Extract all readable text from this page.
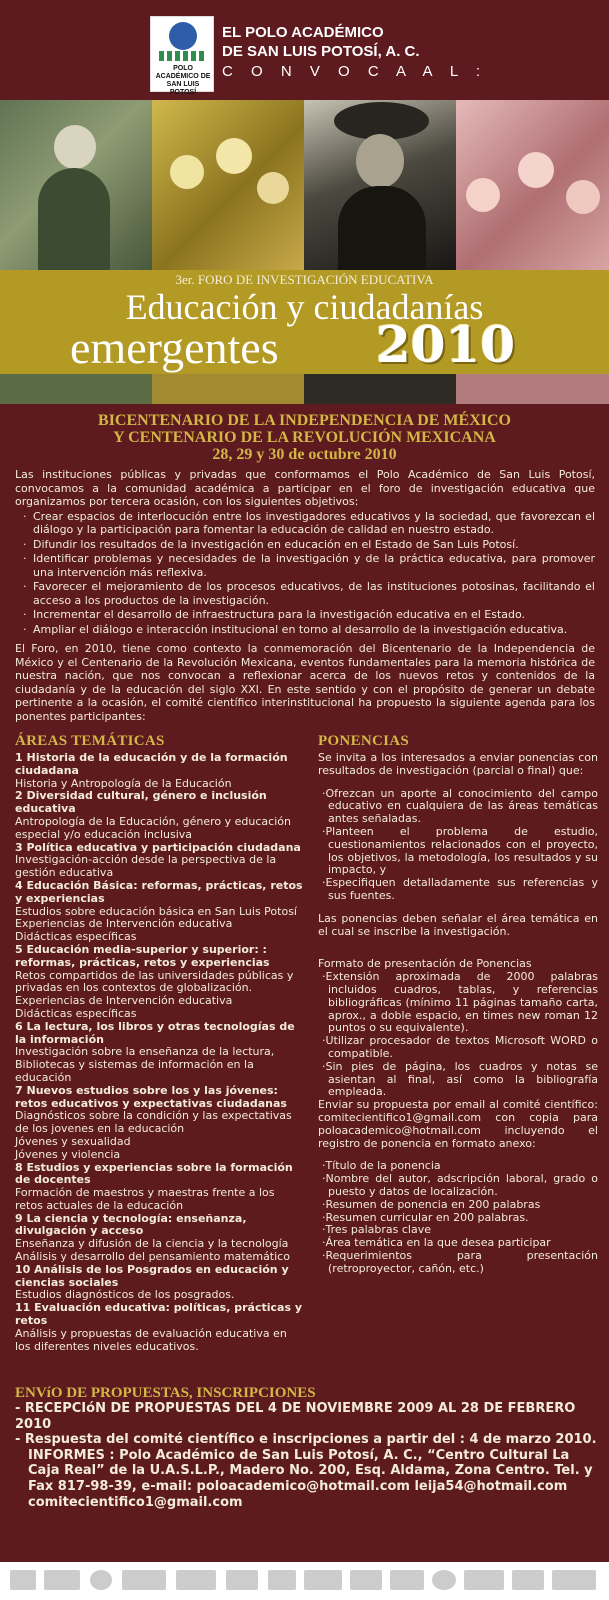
POLO ACADÉMICO DE SAN LUIS POTOSÍ
EL POLO ACADÉMICO
DE SAN LUIS POTOSÍ, A. C.
C O N V O C A A L :
3er. FORO DE INVESTIGACIÓN EDUCATIVA
Educación y ciudadanías
emergentes 2010
BICENTENARIO DE LA INDEPENDENCIA DE MÉXICO
Y CENTENARIO DE LA REVOLUCIÓN MEXICANA
28, 29 y 30 de octubre 2010

Las instituciones públicas y privadas que conformamos el Polo Académico de San Luis Potosí, convocamos a la comunidad académica a participar en el foro de investigación educativa que organizamos por tercera ocasión, con los siguientes objetivos:

· Crear espacios de interlocución entre los investigadores educativos y la sociedad, que favorezcan el diálogo y la participación para fomentar la educación de calidad en nuestro estado.
· Difundir los resultados de la investigación en educación en el Estado de San Luis Potosí.
· Identificar problemas y necesidades de la investigación y de la práctica educativa, para promover una intervención más reflexiva.
· Favorecer el mejoramiento de los procesos educativos, de las instituciones potosinas, facilitando el acceso a los productos de la investigación.
· Incrementar el desarrollo de infraestructura para la investigación educativa en el Estado.
· Ampliar el diálogo e interacción institucional en torno al desarrollo de la investigación educativa.

El Foro, en 2010, tiene como contexto la conmemoración del Bicentenario de la Independencia de México y el Centenario de la Revolución Mexicana, eventos fundamentales para la memoria histórica de nuestra nación, que nos convocan a reflexionar acerca de los nuevos retos y contenidos de la ciudadanía y de la educación del siglo XXI. En este sentido y con el propósito de generar un debate pertinente a la ocasión, el comité científico interinstitucional ha propuesto la siguiente agenda para los ponentes participantes:

ÁREAS TEMÁTICAS	PONENCIAS
1 Historia de la educación y de la formación ciudadana
Historia y Antropología de la Educación
2 Diversidad cultural, género e inclusión educativa
Antropología de la Educación, género y educación especial y/o educación inclusiva
3 Política educativa y participación ciudadana
Investigación-acción desde la perspectiva de la gestión educativa
4 Educación Básica: reformas, prácticas, retos y experiencias
Estudios sobre educación básica en San Luis Potosí
Experiencias de Intervención educativa
Didácticas específicas
5 Educación media-superior y superior: : reformas, prácticas, retos y experiencias
Retos compartidos de las universidades públicas y privadas en los contextos de globalización.
Experiencias de Intervención educativa
Didácticas específicas
6 La lectura, los libros y otras tecnologías de la información
Investigación sobre la enseñanza de la lectura, Bibliotecas y sistemas de información en la educación
7 Nuevos estudios sobre los y las jóvenes: retos educativos y expectativas ciudadanas
Diagnósticos sobre la condición y las expectativas de los jovenes en la educación
Jóvenes y sexualidad
Jóvenes y violencia
8 Estudios y experiencias sobre la formación de docentes
Formación de maestros y maestras frente a los retos actuales de la educación
9 La ciencia y tecnología: enseñanza, divulgación y acceso
Enseñanza y difusión de la ciencia y la tecnología
Análisis y desarrollo del pensamiento matemático
10 Análisis de los Posgrados en educación y ciencias sociales
Estudios diagnósticos de los posgrados.
11 Evaluación educativa: políticas, prácticas y retos
Análisis y propuestas de evaluación educativa en los diferentes niveles educativos.

Se invita a los interesados a enviar ponencias con resultados de investigación (parcial o final) que:

·Ofrezcan un aporte al conocimiento del campo educativo en cualquiera de las áreas temáticas antes señaladas.

·Planteen el problema de estudio, cuestionamientos relacionados con el proyecto, los objetivos, la metodología, los resultados y su impacto, y

·Especifiquen detalladamente sus referencias y sus fuentes.

Las ponencias deben señalar el área temática en el cual se inscribe la investigación.

Formato de presentación de Ponencias

·Extensión aproximada de 2000 palabras incluidos cuadros, tablas, y referencias bibliográficas (mínimo 11 páginas tamaño carta, aprox., a doble espacio, en times new roman 12 puntos o su equivalente).

·Utilizar procesador de textos Microsoft WORD o compatible.

·Sin pies de página, los cuadros y notas se asientan al final, así como la bibliografía empleada.

Enviar su propuesta por email al comité científico: comitecientifico1@gmail.com con copia para poloacademico@hotmail.com incluyendo el registro de ponencia en formato anexo:

·Título de la ponencia

·Nombre del autor, adscripción laboral, grado o puesto y datos de localización.

·Resumen de ponencia en 200 palabras

·Resumen curricular en 200 palabras.

·Tres palabras clave

·Área temática en la que desea participar

·Requerimientos para presentación (retroproyector, cañón, etc.)

ENVíO DE PROPUESTAS, INSCRIPCIONES
- RECEPCIóN DE PROPUESTAS DEL 4 DE NOVIEMBRE 2009 AL 28 DE FEBRERO 2010
- Respuesta del comité científico e inscripciones a partir del : 4 de marzo 2010.
INFORMES : Polo Académico de San Luis Potosí, A. C., “Centro Cultural La Caja Real” de la U.A.S.L.P., Madero No. 200, Esq. Aldama, Zona Centro. Tel. y Fax 817-98-39, e-mail: poloacademico@hotmail.com leija54@hotmail.com comitecientifico1@gmail.com
